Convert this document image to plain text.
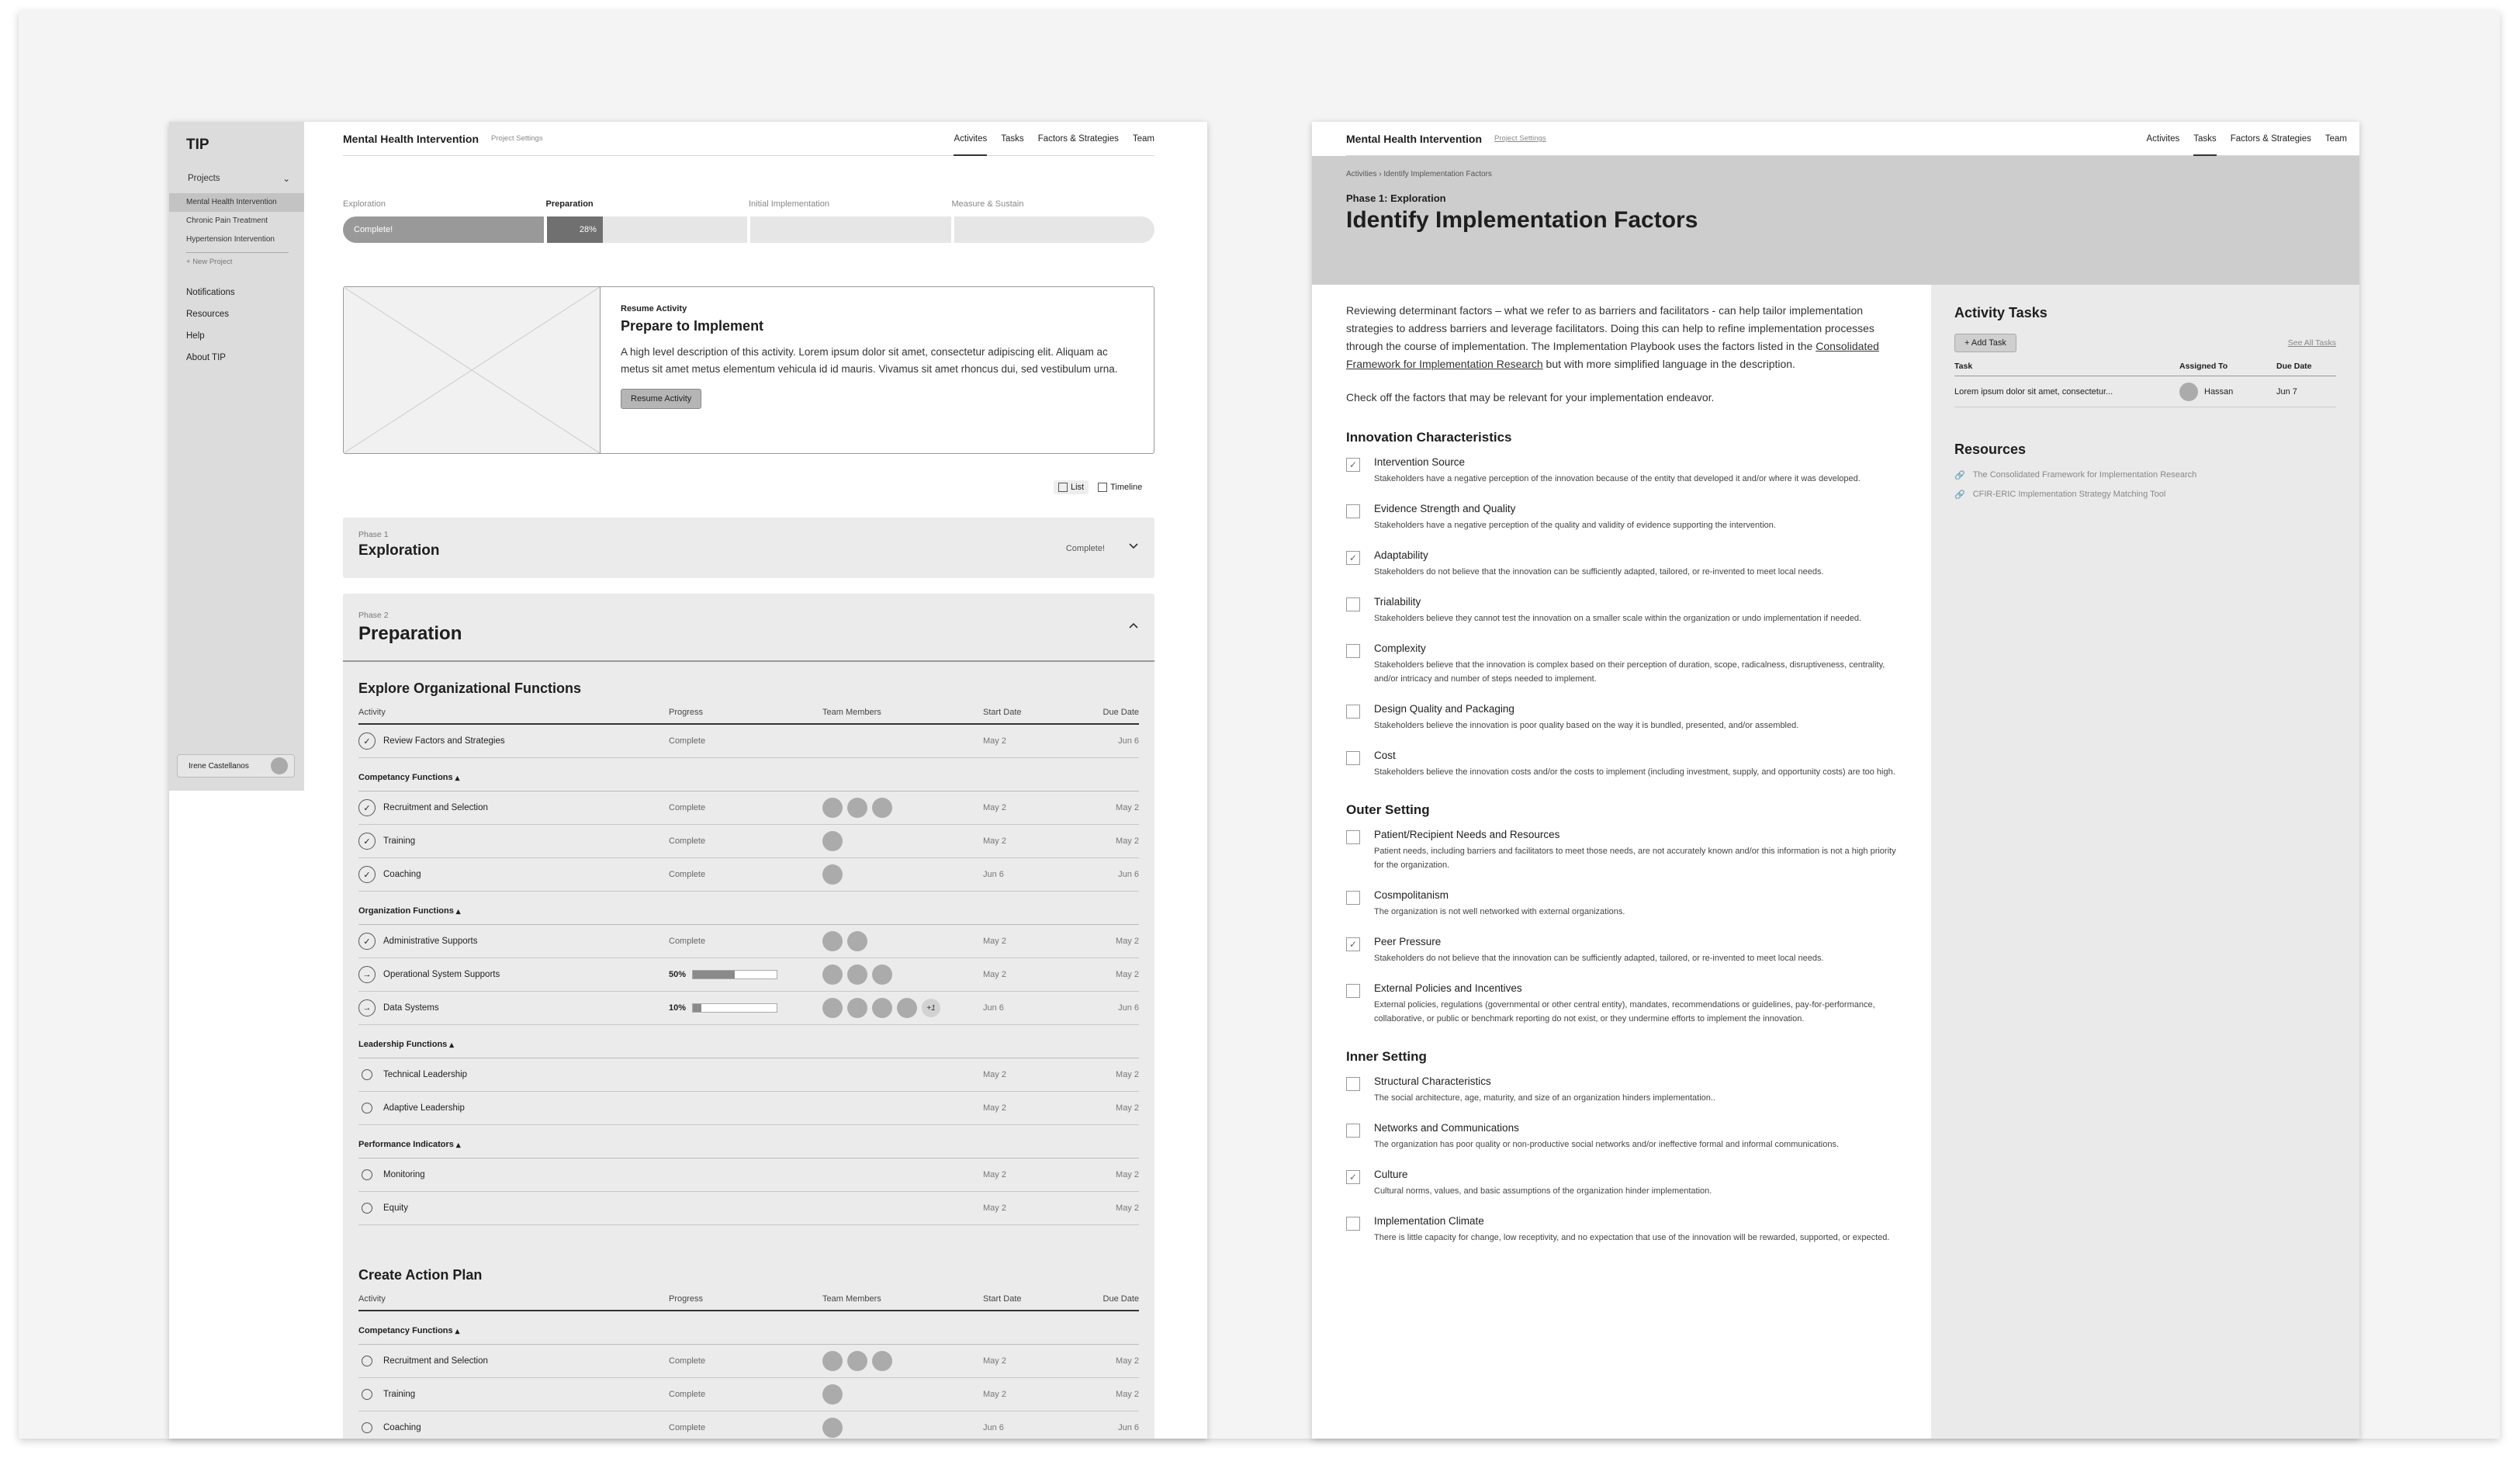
TIP
Projects	⌄
Mental Health Intervention
Chronic Pain Treatment
Hypertension Intervention
+ New Project
Notifications
Resources
Help
About TIP
Irene Castellanos
Mental Health Intervention Project Settings	Activites Tasks Factors & Strategies Team
Exploration	Preparation	Initial Implementation	Measure & Sustain
Complete!	28%
Resume Activity
Prepare to Implement

A high level description of this activity. Lorem ipsum dolor sit amet, consectetur adipiscing elit. Aliquam ac metus sit amet metus elementum vehicula id id mauris. Vivamus sit amet rhoncus dui, sed vestibulum urna.

Resume Activity
List	Timeline
Phase 1
Exploration	Complete!
Phase 2
Preparation
Explore Organizational Functions
Activity	Progress	Team Members	Start Date	Due Date
✓	Review Factors and Strategies	Complete	May 2	Jun 6
Competancy Functions
▴
✓	Recruitment and Selection	Complete	May 2	May 2
✓	Training	Complete	May 2	May 2
✓	Coaching	Complete	Jun 6	Jun 6
Organization Functions
▴
✓	Administrative Supports	Complete	May 2	May 2
→	Operational System Supports	50%	May 2	May 2
→	Data Systems	10%	+1	Jun 6	Jun 6
Leadership Functions
▴
Technical Leadership	May 2	May 2
Adaptive Leadership	May 2	May 2
Performance Indicators
▴
Monitoring	May 2	May 2
Equity	May 2	May 2
Create Action Plan
Activity	Progress	Team Members	Start Date	Due Date
Competancy Functions
▴
Recruitment and Selection	Complete	May 2	May 2
Training	Complete	May 2	May 2
Coaching	Complete	Jun 6	Jun 6
Mental Health Intervention Project Settings	Activites Tasks Factors & Strategies Team
Activities › Identify Implementation Factors
Phase 1: Exploration
Identify Implementation Factors

Reviewing determinant factors – what we refer to as barriers and facilitators - can help tailor implementation strategies to address barriers and leverage facilitators. Doing this can help to refine implementation processes through the course of implementation. The Implementation Playbook uses the factors listed in the Consolidated Framework for Implementation Research but with more simplified language in the description.

Check off the factors that may be relevant for your implementation endeavor.

Innovation Characteristics
✓ Intervention Source
Stakeholders have a negative perception of the innovation because of the entity that developed it and/or where it was developed.
Evidence Strength and Quality
Stakeholders have a negative perception of the quality and validity of evidence supporting the intervention.
✓ Adaptability
Stakeholders do not believe that the innovation can be sufficiently adapted, tailored, or re-invented to meet local needs.
Trialability
Stakeholders believe they cannot test the innovation on a smaller scale within the organization or undo implementation if needed.
Complexity
Stakeholders believe that the innovation is complex based on their perception of duration, scope, radicalness, disruptiveness, centrality, and/or intricacy and number of steps needed to implement.
Design Quality and Packaging
Stakeholders believe the innovation is poor quality based on the way it is bundled, presented, and/or assembled.
Cost
Stakeholders believe the innovation costs and/or the costs to implement (including investment, supply, and opportunity costs) are too high.
Outer Setting
Patient/Recipient Needs and Resources
Patient needs, including barriers and facilitators to meet those needs, are not accurately known and/or this information is not a high priority for the organization.
Cosmpolitanism
The organization is not well networked with external organizations.
✓ Peer Pressure
Stakeholders do not believe that the innovation can be sufficiently adapted, tailored, or re-invented to meet local needs.
External Policies and Incentives
External policies, regulations (governmental or other central entity), mandates, recommendations or guidelines, pay-for-performance, collaborative, or public or benchmark reporting do not exist, or they undermine efforts to implement the innovation.
Inner Setting
Structural Characteristics
The social architecture, age, maturity, and size of an organization hinders implementation..
Networks and Communications
The organization has poor quality or non-productive social networks and/or ineffective formal and informal communications.
✓ Culture
Cultural norms, values, and basic assumptions of the organization hinder implementation.
Implementation Climate
There is little capacity for change, low receptivity, and no expectation that use of the innovation will be rewarded, supported, or expected.
Activity Tasks
+ Add Task	See All Tasks
Task	Assigned To	Due Date
Lorem ipsum dolor sit amet, consectetur...	Hassan	Jun 7
Resources
🔗 The Consolidated Framework for Implementation Research
🔗 CFIR-ERIC Implementation Strategy Matching Tool
